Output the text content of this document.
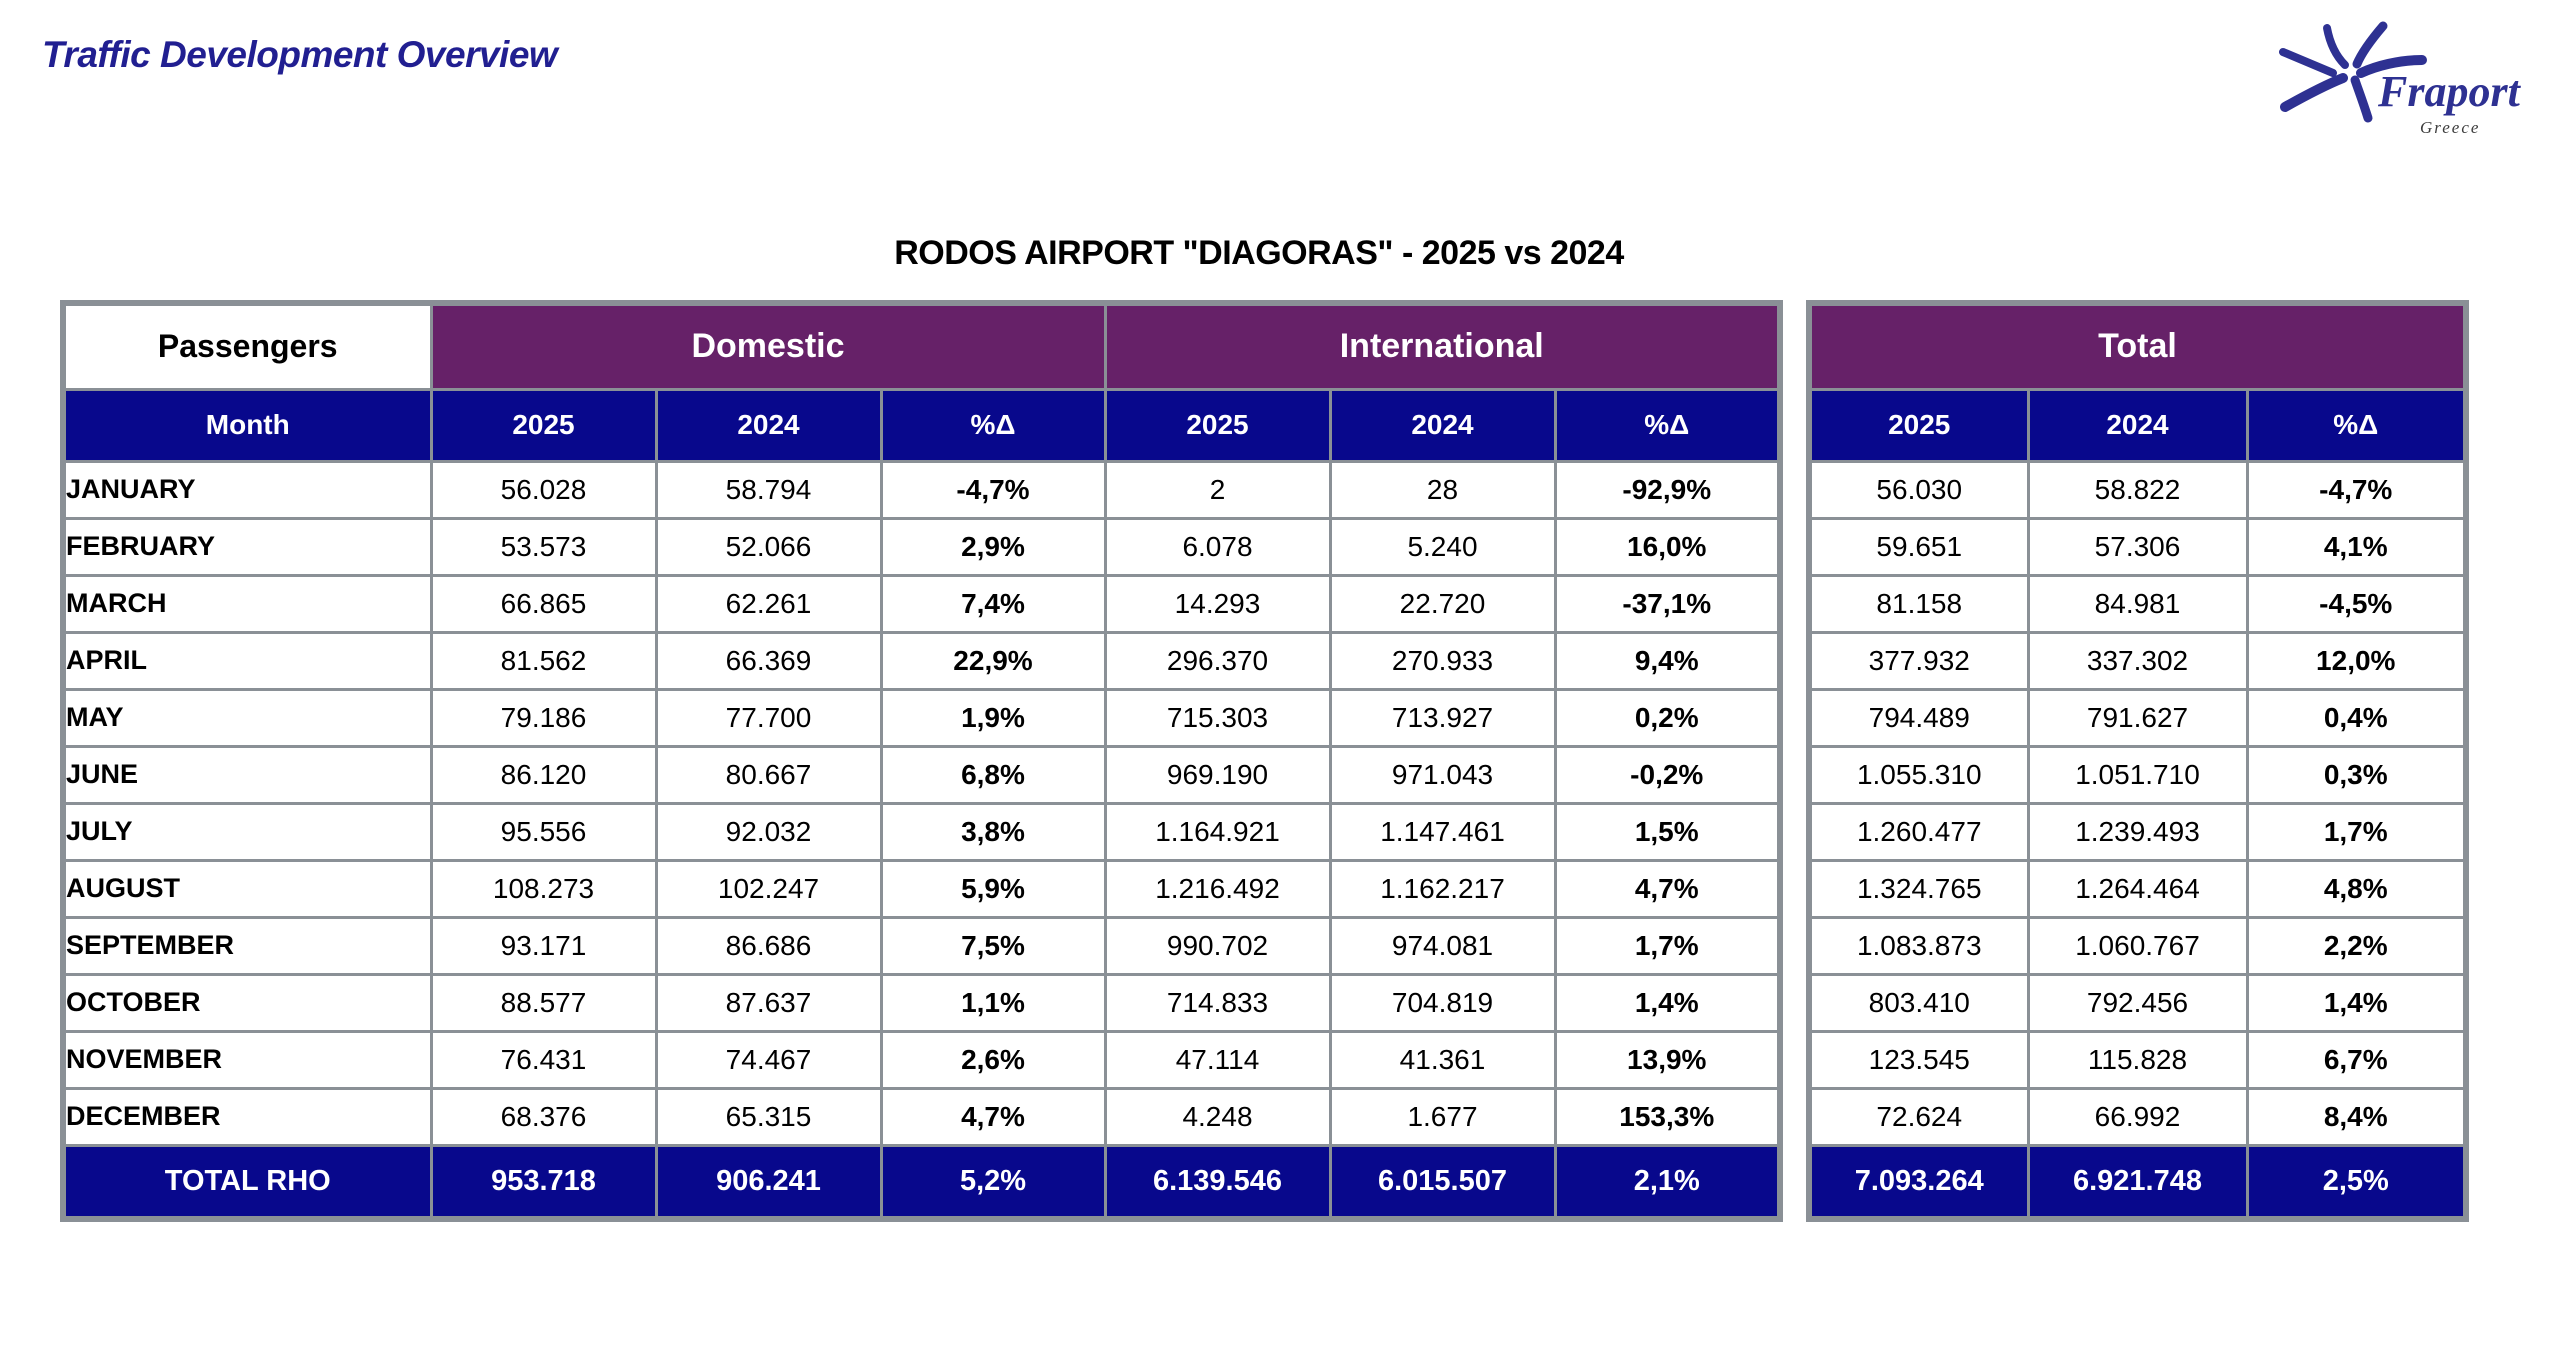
Traffic Development Overview
Fraport
Greece
RODOS AIRPORT "DIAGORAS" - 2025 vs 2024
Passengers	Domestic			International		
Month	2025	2024	%Δ	2025	2024	%Δ
JANUARY	56.028	58.794	-4,7%	2	28	-92,9%
FEBRUARY	53.573	52.066	2,9%	6.078	5.240	16,0%
MARCH	66.865	62.261	7,4%	14.293	22.720	-37,1%
APRIL	81.562	66.369	22,9%	296.370	270.933	9,4%
MAY	79.186	77.700	1,9%	715.303	713.927	0,2%
JUNE	86.120	80.667	6,8%	969.190	971.043	-0,2%
JULY	95.556	92.032	3,8%	1.164.921	1.147.461	1,5%
AUGUST	108.273	102.247	5,9%	1.216.492	1.162.217	4,7%
SEPTEMBER	93.171	86.686	7,5%	990.702	974.081	1,7%
OCTOBER	88.577	87.637	1,1%	714.833	704.819	1,4%
NOVEMBER	76.431	74.467	2,6%	47.114	41.361	13,9%
DECEMBER	68.376	65.315	4,7%	4.248	1.677	153,3%
TOTAL RHO	953.718	906.241	5,2%	6.139.546	6.015.507	2,1%
Total		
2025	2024	%Δ
56.030	58.822	-4,7%
59.651	57.306	4,1%
81.158	84.981	-4,5%
377.932	337.302	12,0%
794.489	791.627	0,4%
1.055.310	1.051.710	0,3%
1.260.477	1.239.493	1,7%
1.324.765	1.264.464	4,8%
1.083.873	1.060.767	2,2%
803.410	792.456	1,4%
123.545	115.828	6,7%
72.624	66.992	8,4%
7.093.264	6.921.748	2,5%
